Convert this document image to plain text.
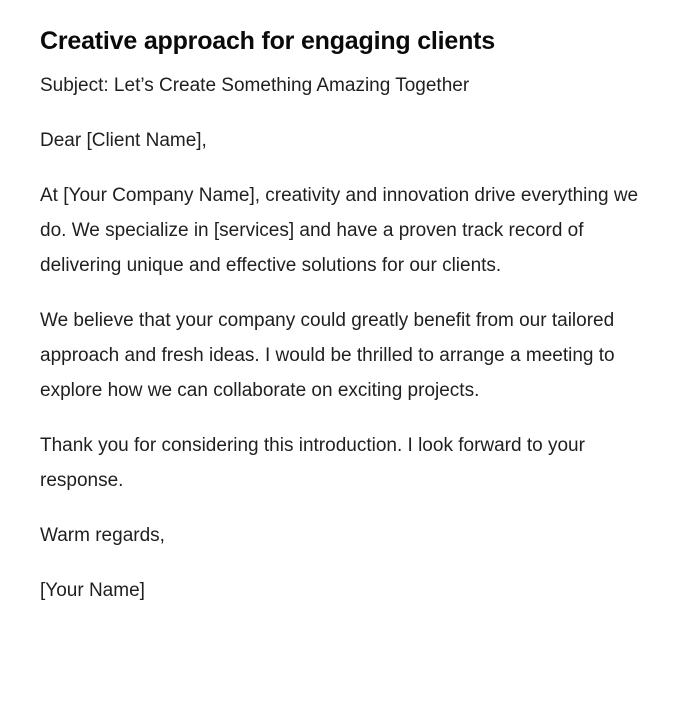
Creative approach for engaging clients

Subject: Let’s Create Something Amazing Together

Dear [Client Name],

At [Your Company Name], creativity and innovation drive everything we do. We specialize in [services] and have a proven track record of delivering unique and effective solutions for our clients.

We believe that your company could greatly benefit from our tailored approach and fresh ideas. I would be thrilled to arrange a meeting to explore how we can collaborate on exciting projects.

Thank you for considering this introduction. I look forward to your response.

Warm regards,

[Your Name]
